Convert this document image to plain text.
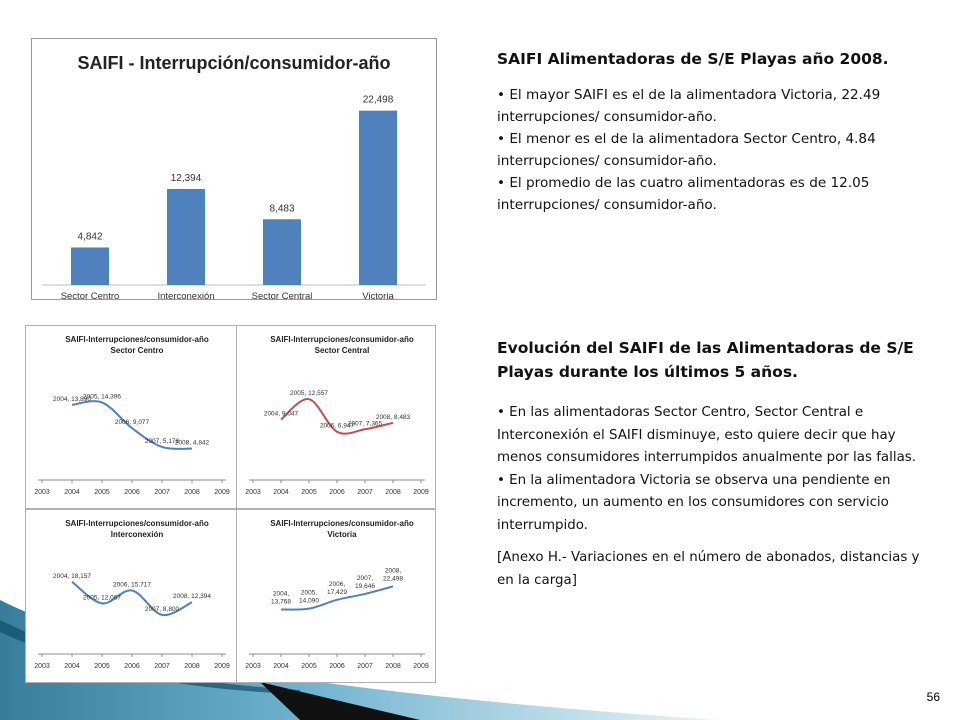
SAIFI - Interrupción/consumidor-año
4,842
Sector Centro
12,394
Interconexión
8,483
Sector Central
22,498
Victoria
SAIFI-Interrupciones/consumidor-año
Sector Centro
2003 2004 2005 2006 2007 2008 2009
2004, 13,890
2005, 14,396
2006, 9,077
2007, 5,178
2008, 4,842
SAIFI-Interrupciones/consumidor-año
Sector Central
2003 2004 2005 2006 2007 2008 2009
2004, 9,047
2005, 12,557
2006, 6,947
2007, 7,365
2008, 8,483
SAIFI-Interrupciones/consumidor-año
Interconexión
2003 2004 2005 2006 2007 2008 2009
2004, 18,157
2005, 12,067
2006, 15,717
2007, 8,800
2008, 12,394
SAIFI-Interrupciones/consumidor-año
Victoria
2003 2004 2005 2006 2007 2008 2009
2004, 13,768
2005, 14,090
2006, 17,429
2007, 19,646
2008, 22,498

SAIFI Alimentadoras de S/E Playas año 2008.

• El mayor SAIFI es el de la alimentadora Victoria, 22.49 interrupciones/ consumidor-año.

• El menor es el de la alimentadora Sector Centro, 4.84 interrupciones/ consumidor-año.

• El promedio de las cuatro alimentadoras es de 12.05 interrupciones/ consumidor-año.

Evolución del SAIFI de las Alimentadoras de S/E Playas durante los últimos 5 años.

• En las alimentadoras Sector Centro, Sector Central e Interconexión el SAIFI disminuye, esto quiere decir que hay menos consumidores interrumpidos anualmente por las fallas.

• En la alimentadora Victoria se observa una pendiente en incremento, un aumento en los consumidores con servicio interrumpido.

[Anexo H.- Variaciones en el número de abonados, distancias y en la carga]

56
